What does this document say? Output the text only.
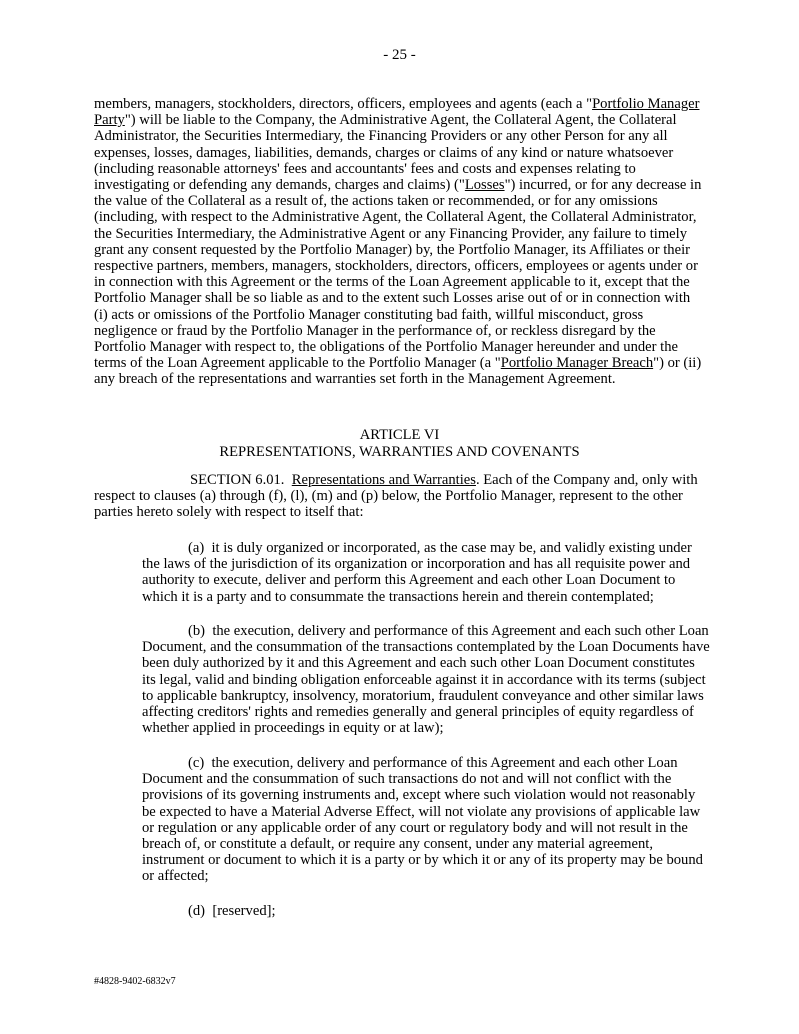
- 25 -
members, managers, stockholders, directors, officers, employees and agents (each a "Portfolio Manager Party") will be liable to the Company, the Administrative Agent, the Collateral Agent, the Collateral Administrator, the Securities Intermediary, the Financing Providers or any other Person for any all expenses, losses, damages, liabilities, demands, charges or claims of any kind or nature whatsoever (including reasonable attorneys' fees and accountants' fees and costs and expenses relating to investigating or defending any demands, charges and claims) ("Losses") incurred, or for any decrease in the value of the Collateral as a result of, the actions taken or recommended, or for any omissions (including, with respect to the Administrative Agent, the Collateral Agent, the Collateral Administrator, the Securities Intermediary, the Administrative Agent or any Financing Provider, any failure to timely grant any consent requested by the Portfolio Manager) by, the Portfolio Manager, its Affiliates or their respective partners, members, managers, stockholders, directors, officers, employees or agents under or in connection with this Agreement or the terms of the Loan Agreement applicable to it, except that the Portfolio Manager shall be so liable as and to the extent such Losses arise out of or in connection with (i) acts or omissions of the Portfolio Manager constituting bad faith, willful misconduct, gross negligence or fraud by the Portfolio Manager in the performance of, or reckless disregard by the Portfolio Manager with respect to, the obligations of the Portfolio Manager hereunder and under the terms of the Loan Agreement applicable to the Portfolio Manager (a "Portfolio Manager Breach") or (ii) any breach of the representations and warranties set forth in the Management Agreement.
ARTICLE VI
REPRESENTATIONS, WARRANTIES AND COVENANTS
SECTION 6.01. Representations and Warranties. Each of the Company and, only with respect to clauses (a) through (f), (l), (m) and (p) below, the Portfolio Manager, represent to the other parties hereto solely with respect to itself that:
(a) it is duly organized or incorporated, as the case may be, and validly existing under the laws of the jurisdiction of its organization or incorporation and has all requisite power and authority to execute, deliver and perform this Agreement and each other Loan Document to which it is a party and to consummate the transactions herein and therein contemplated;
(b) the execution, delivery and performance of this Agreement and each such other Loan Document, and the consummation of the transactions contemplated by the Loan Documents have been duly authorized by it and this Agreement and each such other Loan Document constitutes its legal, valid and binding obligation enforceable against it in accordance with its terms (subject to applicable bankruptcy, insolvency, moratorium, fraudulent conveyance and other similar laws affecting creditors' rights and remedies generally and general principles of equity regardless of whether applied in proceedings in equity or at law);
(c) the execution, delivery and performance of this Agreement and each other Loan Document and the consummation of such transactions do not and will not conflict with the provisions of its governing instruments and, except where such violation would not reasonably be expected to have a Material Adverse Effect, will not violate any provisions of applicable law or regulation or any applicable order of any court or regulatory body and will not result in the breach of, or constitute a default, or require any consent, under any material agreement, instrument or document to which it is a party or by which it or any of its property may be bound or affected;
(d) [reserved];
#4828-9402-6832v7
